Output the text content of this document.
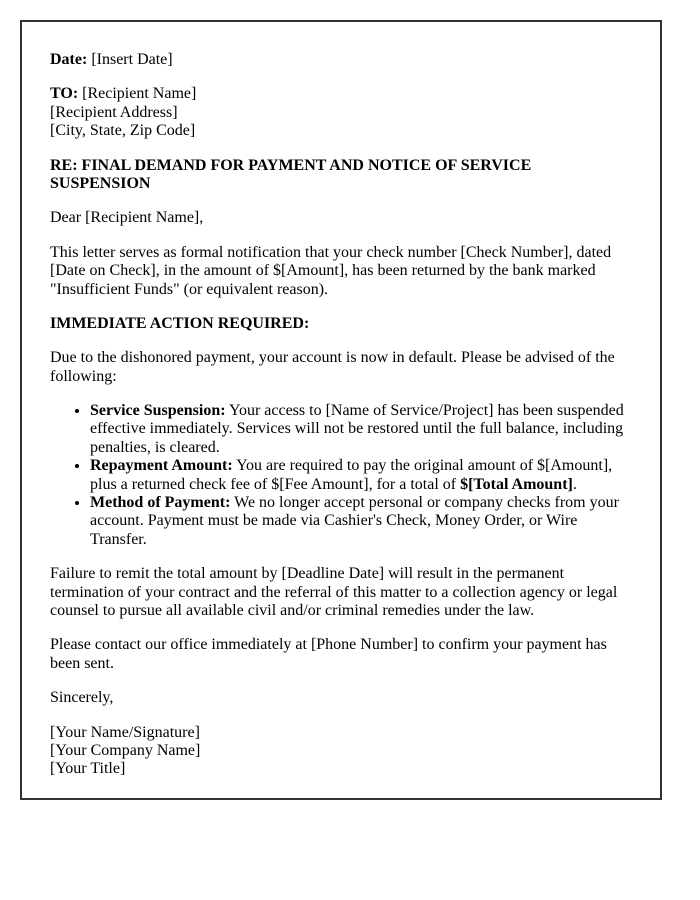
Date: [Insert Date]

TO: [Recipient Name]
[Recipient Address]
[City, State, Zip Code]

RE: FINAL DEMAND FOR PAYMENT AND NOTICE OF SERVICE SUSPENSION

Dear [Recipient Name],

This letter serves as formal notification that your check number [Check Number], dated [Date on Check], in the amount of $[Amount], has been returned by the bank marked "Insufficient Funds" (or equivalent reason).

IMMEDIATE ACTION REQUIRED:

Due to the dishonored payment, your account is now in default. Please be advised of the following:

• Service Suspension: Your access to [Name of Service/Project] has been suspended effective immediately. Services will not be restored until the full balance, including penalties, is cleared.
• Repayment Amount: You are required to pay the original amount of $[Amount], plus a returned check fee of $[Fee Amount], for a total of $[Total Amount].
• Method of Payment: We no longer accept personal or company checks from your account. Payment must be made via Cashier's Check, Money Order, or Wire Transfer.

Failure to remit the total amount by [Deadline Date] will result in the permanent termination of your contract and the referral of this matter to a collection agency or legal counsel to pursue all available civil and/or criminal remedies under the law.

Please contact our office immediately at [Phone Number] to confirm your payment has been sent.

Sincerely,

[Your Name/Signature]
[Your Company Name]
[Your Title]
